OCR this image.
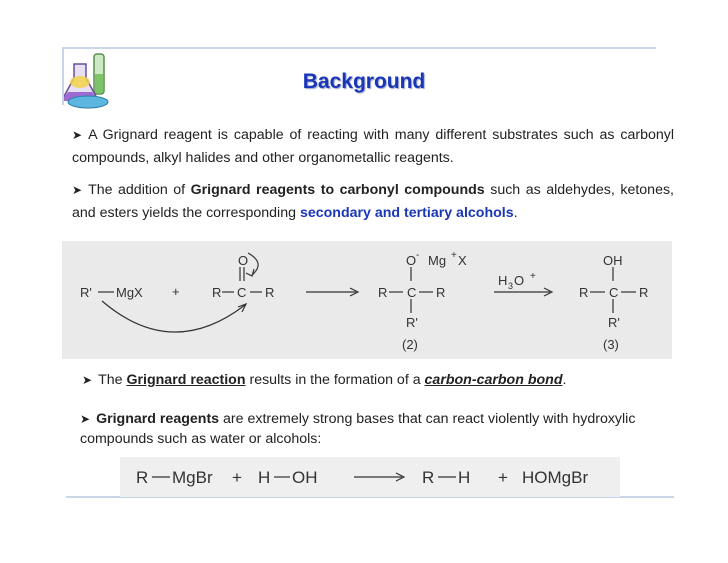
Background
➤ A Grignard reagent is capable of reacting with many different substrates such as carbonyl compounds, alkyl halides and other organometallic reagents.
➤ The addition of Grignard reagents to carbonyl compounds such as aldehydes, ketones, and esters yields the corresponding secondary and tertiary alcohols.
R' MgX +
O
R C R
O - Mg + X
R C R
R'
(2)
H 3 O +
OH
R C R
R'
(3)
➤ The Grignard reaction results in the formation of a carbon-carbon bond.
➤ Grignard reagents are extremely strong bases that can react violently with hydroxylic compounds such as water or alcohols:
R MgBr + H OH	R H + HOMgBr
